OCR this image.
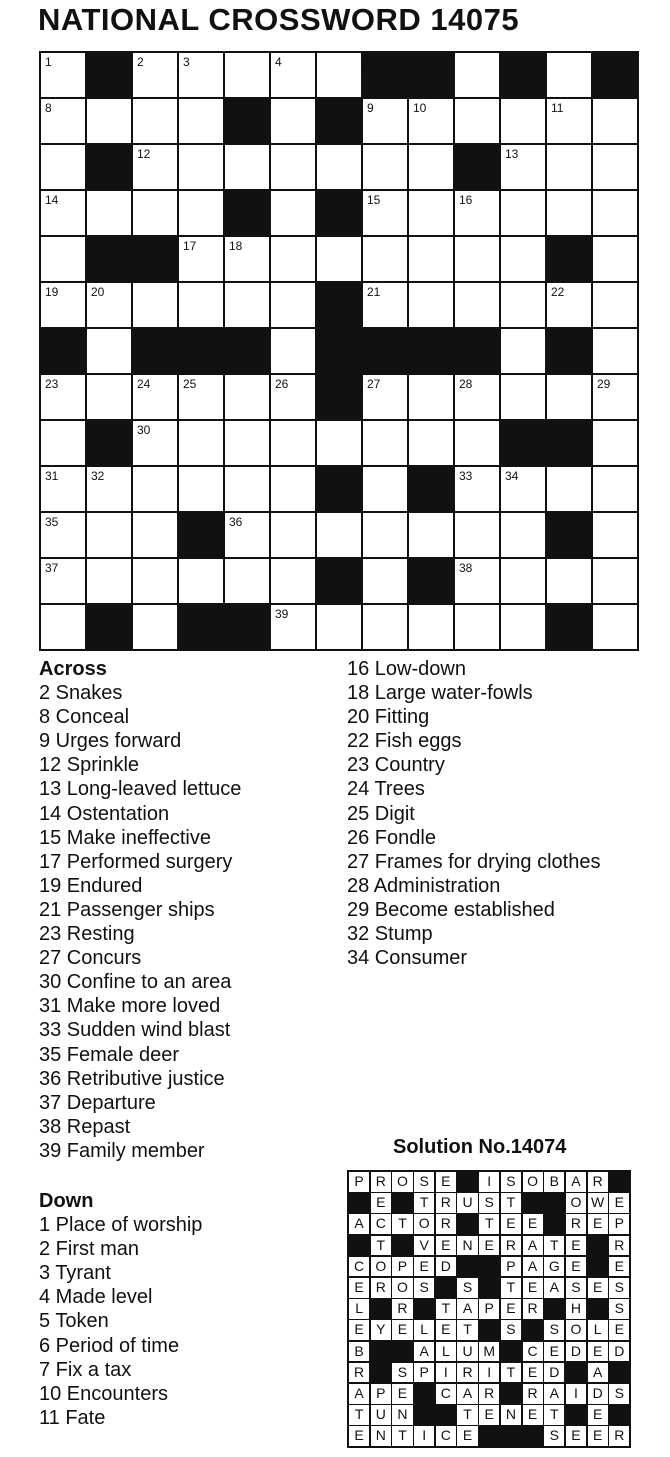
NATIONAL CROSSWORD 14075
1	2	3	4	5	6	7
8	9	10	11
12	13
14	15	16
17	18
19	20	21	22
23	24	25	26	27	28	29
30
31	32	33	34
35	36
37	38
39
Across
2 Snakes
8 Conceal
9 Urges forward
12 Sprinkle
13 Long-leaved lettuce
14 Ostentation
15 Make ineffective
17 Performed surgery
19 Endured
21 Passenger ships
23 Resting
27 Concurs
30 Confine to an area
31 Make more loved
33 Sudden wind blast
35 Female deer
36 Retributive justice
37 Departure
38 Repast
39 Family member
Down
1 Place of worship
2 First man
3 Tyrant
4 Made level
5 Token
6 Period of time
7 Fix a tax
10 Encounters
11 Fate
16 Low-down
18 Large water-fowls
20 Fitting
22 Fish eggs
23 Country
24 Trees
25 Digit
26 Fondle
27 Frames for drying clothes
28 Administration
29 Become established
32 Stump
34 Consumer
Solution No.14074
P R O S E	I	S O B A R
E	T R U S T	O W E
A C T O R	T E E	R E P
T	V E N E R A T E	R
C O P E D	P A G E	E
E R O S	S	T E A S E S
L	R	T A P E R	H	S
E Y E L E T	S	S O L E
B	A L U M	C E D E D
R	S P	I	R	I	T E D	A
A P E	C A R	R A	I	D S
T U N	T E N E T	E
E N T	I	C E	S E E R
